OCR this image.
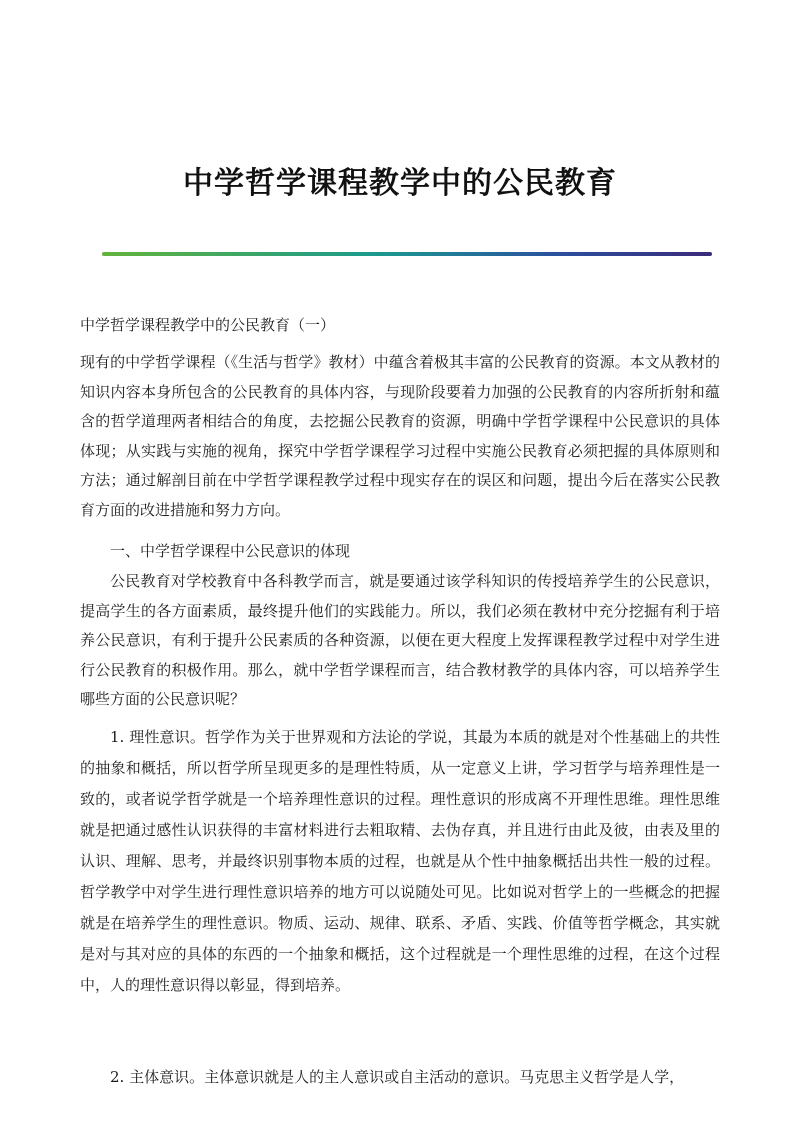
中学哲学课程教学中的公民教育
中学哲学课程教学中的公民教育（一）

现有的中学哲学课程（《生活与哲学》教材）中蕴含着极其丰富的公民教育的资源。本文从教材的知识内容本身所包含的公民教育的具体内容，与现阶段要着力加强的公民教育的内容所折射和蕴含的哲学道理两者相结合的角度，去挖掘公民教育的资源，明确中学哲学课程中公民意识的具体体现；从实践与实施的视角，探究中学哲学课程学习过程中实施公民教育必须把握的具体原则和方法；通过解剖目前在中学哲学课程教学过程中现实存在的误区和问题，提出今后在落实公民教育方面的改进措施和努力方向。

一、中学哲学课程中公民意识的体现

公民教育对学校教育中各科教学而言，就是要通过该学科知识的传授培养学生的公民意识，提高学生的各方面素质，最终提升他们的实践能力。所以，我们必须在教材中充分挖掘有利于培养公民意识，有利于提升公民素质的各种资源，以便在更大程度上发挥课程教学过程中对学生进行公民教育的积极作用。那么，就中学哲学课程而言，结合教材教学的具体内容，可以培养学生哪些方面的公民意识呢？

1. 理性意识。哲学作为关于世界观和方法论的学说，其最为本质的就是对个性基础上的共性的抽象和概括，所以哲学所呈现更多的是理性特质，从一定意义上讲，学习哲学与培养理性是一致的，或者说学哲学就是一个培养理性意识的过程。理性意识的形成离不开理性思维。理性思维就是把通过感性认识获得的丰富材料进行去粗取精、去伪存真，并且进行由此及彼，由表及里的认识、理解、思考，并最终识别事物本质的过程，也就是从个性中抽象概括出共性一般的过程。哲学教学中对学生进行理性意识培养的地方可以说随处可见。比如说对哲学上的一些概念的把握就是在培养学生的理性意识。物质、运动、规律、联系、矛盾、实践、价值等哲学概念，其实就是对与其对应的具体的东西的一个抽象和概括，这个过程就是一个理性思维的过程，在这个过程中，人的理性意识得以彰显，得到培养。

2. 主体意识。主体意识就是人的主人意识或自主活动的意识。马克思主义哲学是人学，
